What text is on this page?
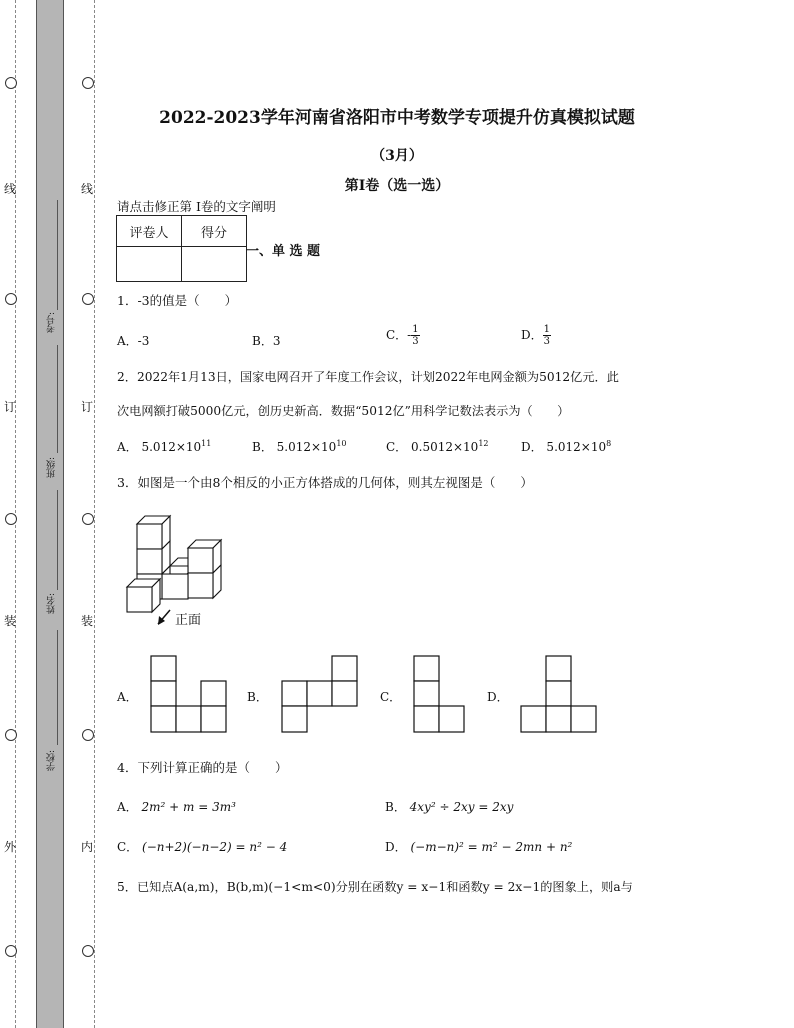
线
订
装
外
线
订
装
内
考号:
班级:
姓名:
学校:
2022-2023学年河南省洛阳市中考数学专项提升仿真模拟试题
（3月）
第I卷（选一选）
请点击修正第 I卷的文字阐明
评卷人	得分

一、单 选 题
1．-3的值是（　　）
A．-3	B．3	C．- $\frac{1}{3}$	D． $\frac{1}{3}$
2．2022年1月13日，国家电网召开了年度工作会议，计划2022年电网金额为5012亿元．此
次电网额打破5000亿元，创历史新高．数据“5012亿”用科学记数法表示为（　　）
A． $5.012\times 10^{11}$	B． $5.012\times 10^{10}$	C． $0.5012\times 10^{12}$	D． $5.012\times 10^8$
3．如图是一个由8个相反的小正方体搭成的几何体，则其左视图是（　　）
正面
A．	B．	C．	D．
4．下列计算正确的是（　　）
A． 2m² + m = 3m³	B． 4xy² ÷ 2xy = 2xy
C． (−n+2)(−n−2) = n² − 4	D． (−m−n)² = m² − 2mn + n²
5．已知点A(a,m)，B(b,m)(−1<m<0)分别在函数y = x−1和函数y = 2x−1的图象上，则a与
